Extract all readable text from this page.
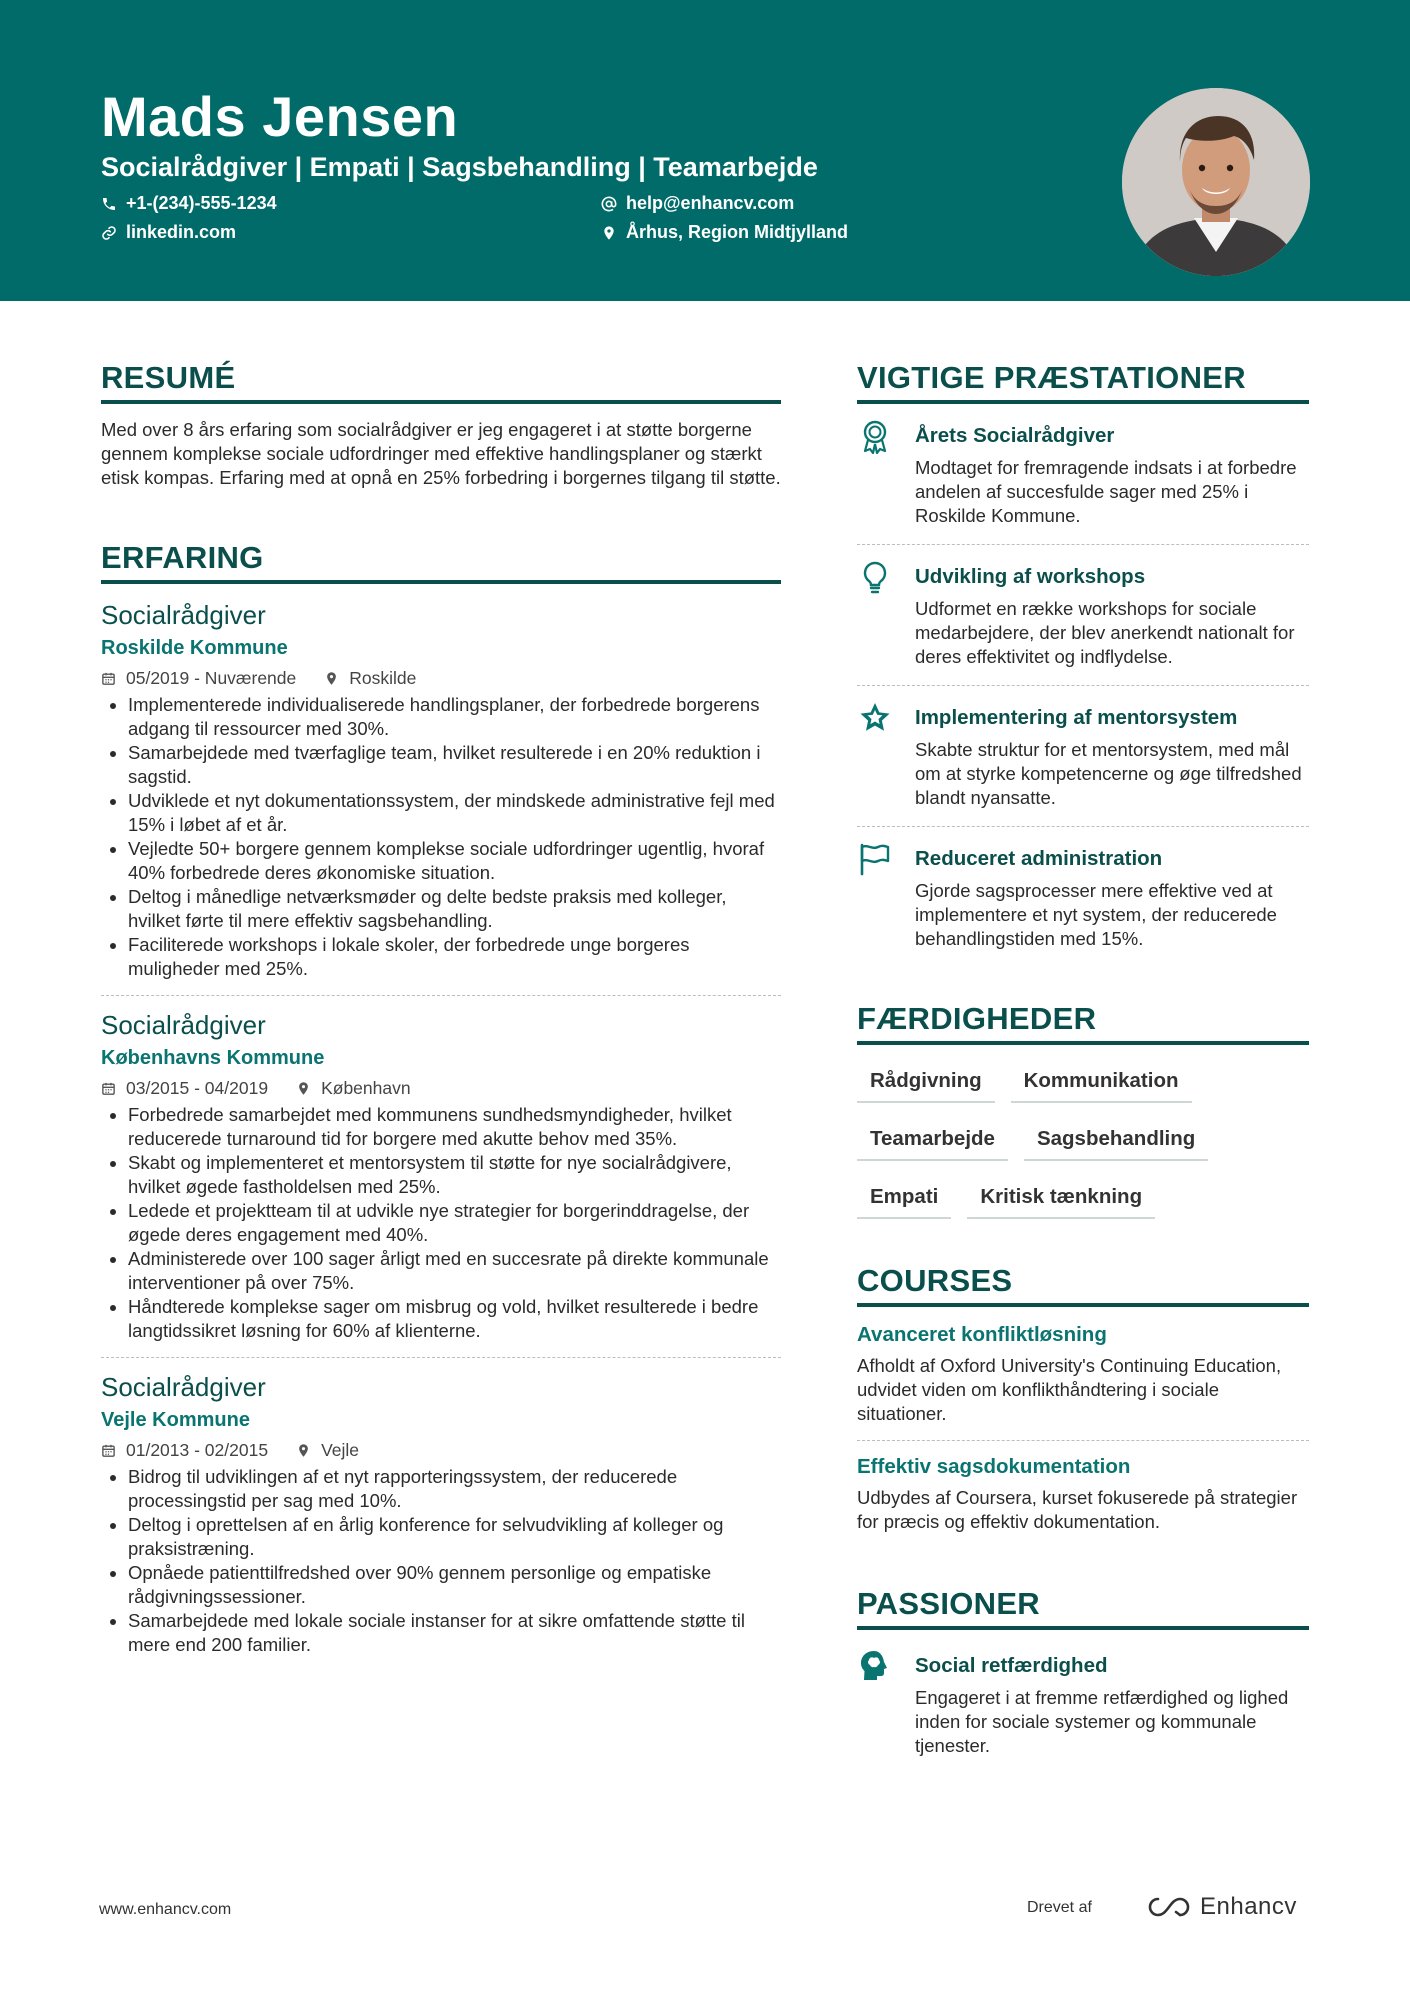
Mads Jensen
Socialrådgiver | Empati | Sagsbehandling | Teamarbejde
+1-(234)-555-1234	help@enhancv.com
linkedin.com	Århus, Region Midtjylland
RESUMÉ

Med over 8 års erfaring som socialrådgiver er jeg engageret i at støtte borgerne gennem komplekse sociale udfordringer med effektive handlingsplaner og stærkt etisk kompas. Erfaring med at opnå en 25% forbedring i borgernes tilgang til støtte.

ERFARING
Socialrådgiver
Roskilde Kommune
05/2019 - Nuværende	Roskilde
• Implementerede individualiserede handlingsplaner, der forbedrede borgerens adgang til ressourcer med 30%.
• Samarbejdede med tværfaglige team, hvilket resulterede i en 20% reduktion i sagstid.
• Udviklede et nyt dokumentationssystem, der mindskede administrative fejl med 15% i løbet af et år.
• Vejledte 50+ borgere gennem komplekse sociale udfordringer ugentlig, hvoraf 40% forbedrede deres økonomiske situation.
• Deltog i månedlige netværksmøder og delte bedste praksis med kolleger, hvilket førte til mere effektiv sagsbehandling.
• Faciliterede workshops i lokale skoler, der forbedrede unge borgeres muligheder med 25%.
Socialrådgiver
Københavns Kommune
03/2015 - 04/2019	København
• Forbedrede samarbejdet med kommunens sundhedsmyndigheder, hvilket reducerede turnaround tid for borgere med akutte behov med 35%.
• Skabt og implementeret et mentorsystem til støtte for nye socialrådgivere, hvilket øgede fastholdelsen med 25%.
• Ledede et projektteam til at udvikle nye strategier for borgerinddragelse, der øgede deres engagement med 40%.
• Administerede over 100 sager årligt med en succesrate på direkte kommunale interventioner på over 75%.
• Håndterede komplekse sager om misbrug og vold, hvilket resulterede i bedre langtidssikret løsning for 60% af klienterne.
Socialrådgiver
Vejle Kommune
01/2013 - 02/2015	Vejle
• Bidrog til udviklingen af et nyt rapporteringssystem, der reducerede processingstid per sag med 10%.
• Deltog i oprettelsen af en årlig konference for selvudvikling af kolleger og praksistræning.
• Opnåede patienttilfredshed over 90% gennem personlige og empatiske rådgivningssessioner.
• Samarbejdede med lokale sociale instanser for at sikre omfattende støtte til mere end 200 familier.
VIGTIGE PRÆSTATIONER
Årets Socialrådgiver

Modtaget for fremragende indsats i at forbedre andelen af succesfulde sager med 25% i Roskilde Kommune.

Udvikling af workshops

Udformet en række workshops for sociale medarbejdere, der blev anerkendt nationalt for deres effektivitet og indflydelse.

Implementering af mentorsystem

Skabte struktur for et mentorsystem, med mål om at styrke kompetencerne og øge tilfredshed blandt nyansatte.

Reduceret administration

Gjorde sagsprocesser mere effektive ved at implementere et nyt system, der reducerede behandlingstiden med 15%.

FÆRDIGHEDER
Rådgivning	Kommunikation
Teamarbejde	Sagsbehandling
Empati	Kritisk tænkning
COURSES
Avanceret konfliktløsning

Afholdt af Oxford University's Continuing Education, udvidet viden om konflikthåndtering i sociale situationer.

Effektiv sagsdokumentation

Udbydes af Coursera, kurset fokuserede på strategier for præcis og effektiv dokumentation.

PASSIONER
Social retfærdighed

Engageret i at fremme retfærdighed og lighed inden for sociale systemer og kommunale tjenester.

www.enhancv.com	Drevet af	Enhancv
